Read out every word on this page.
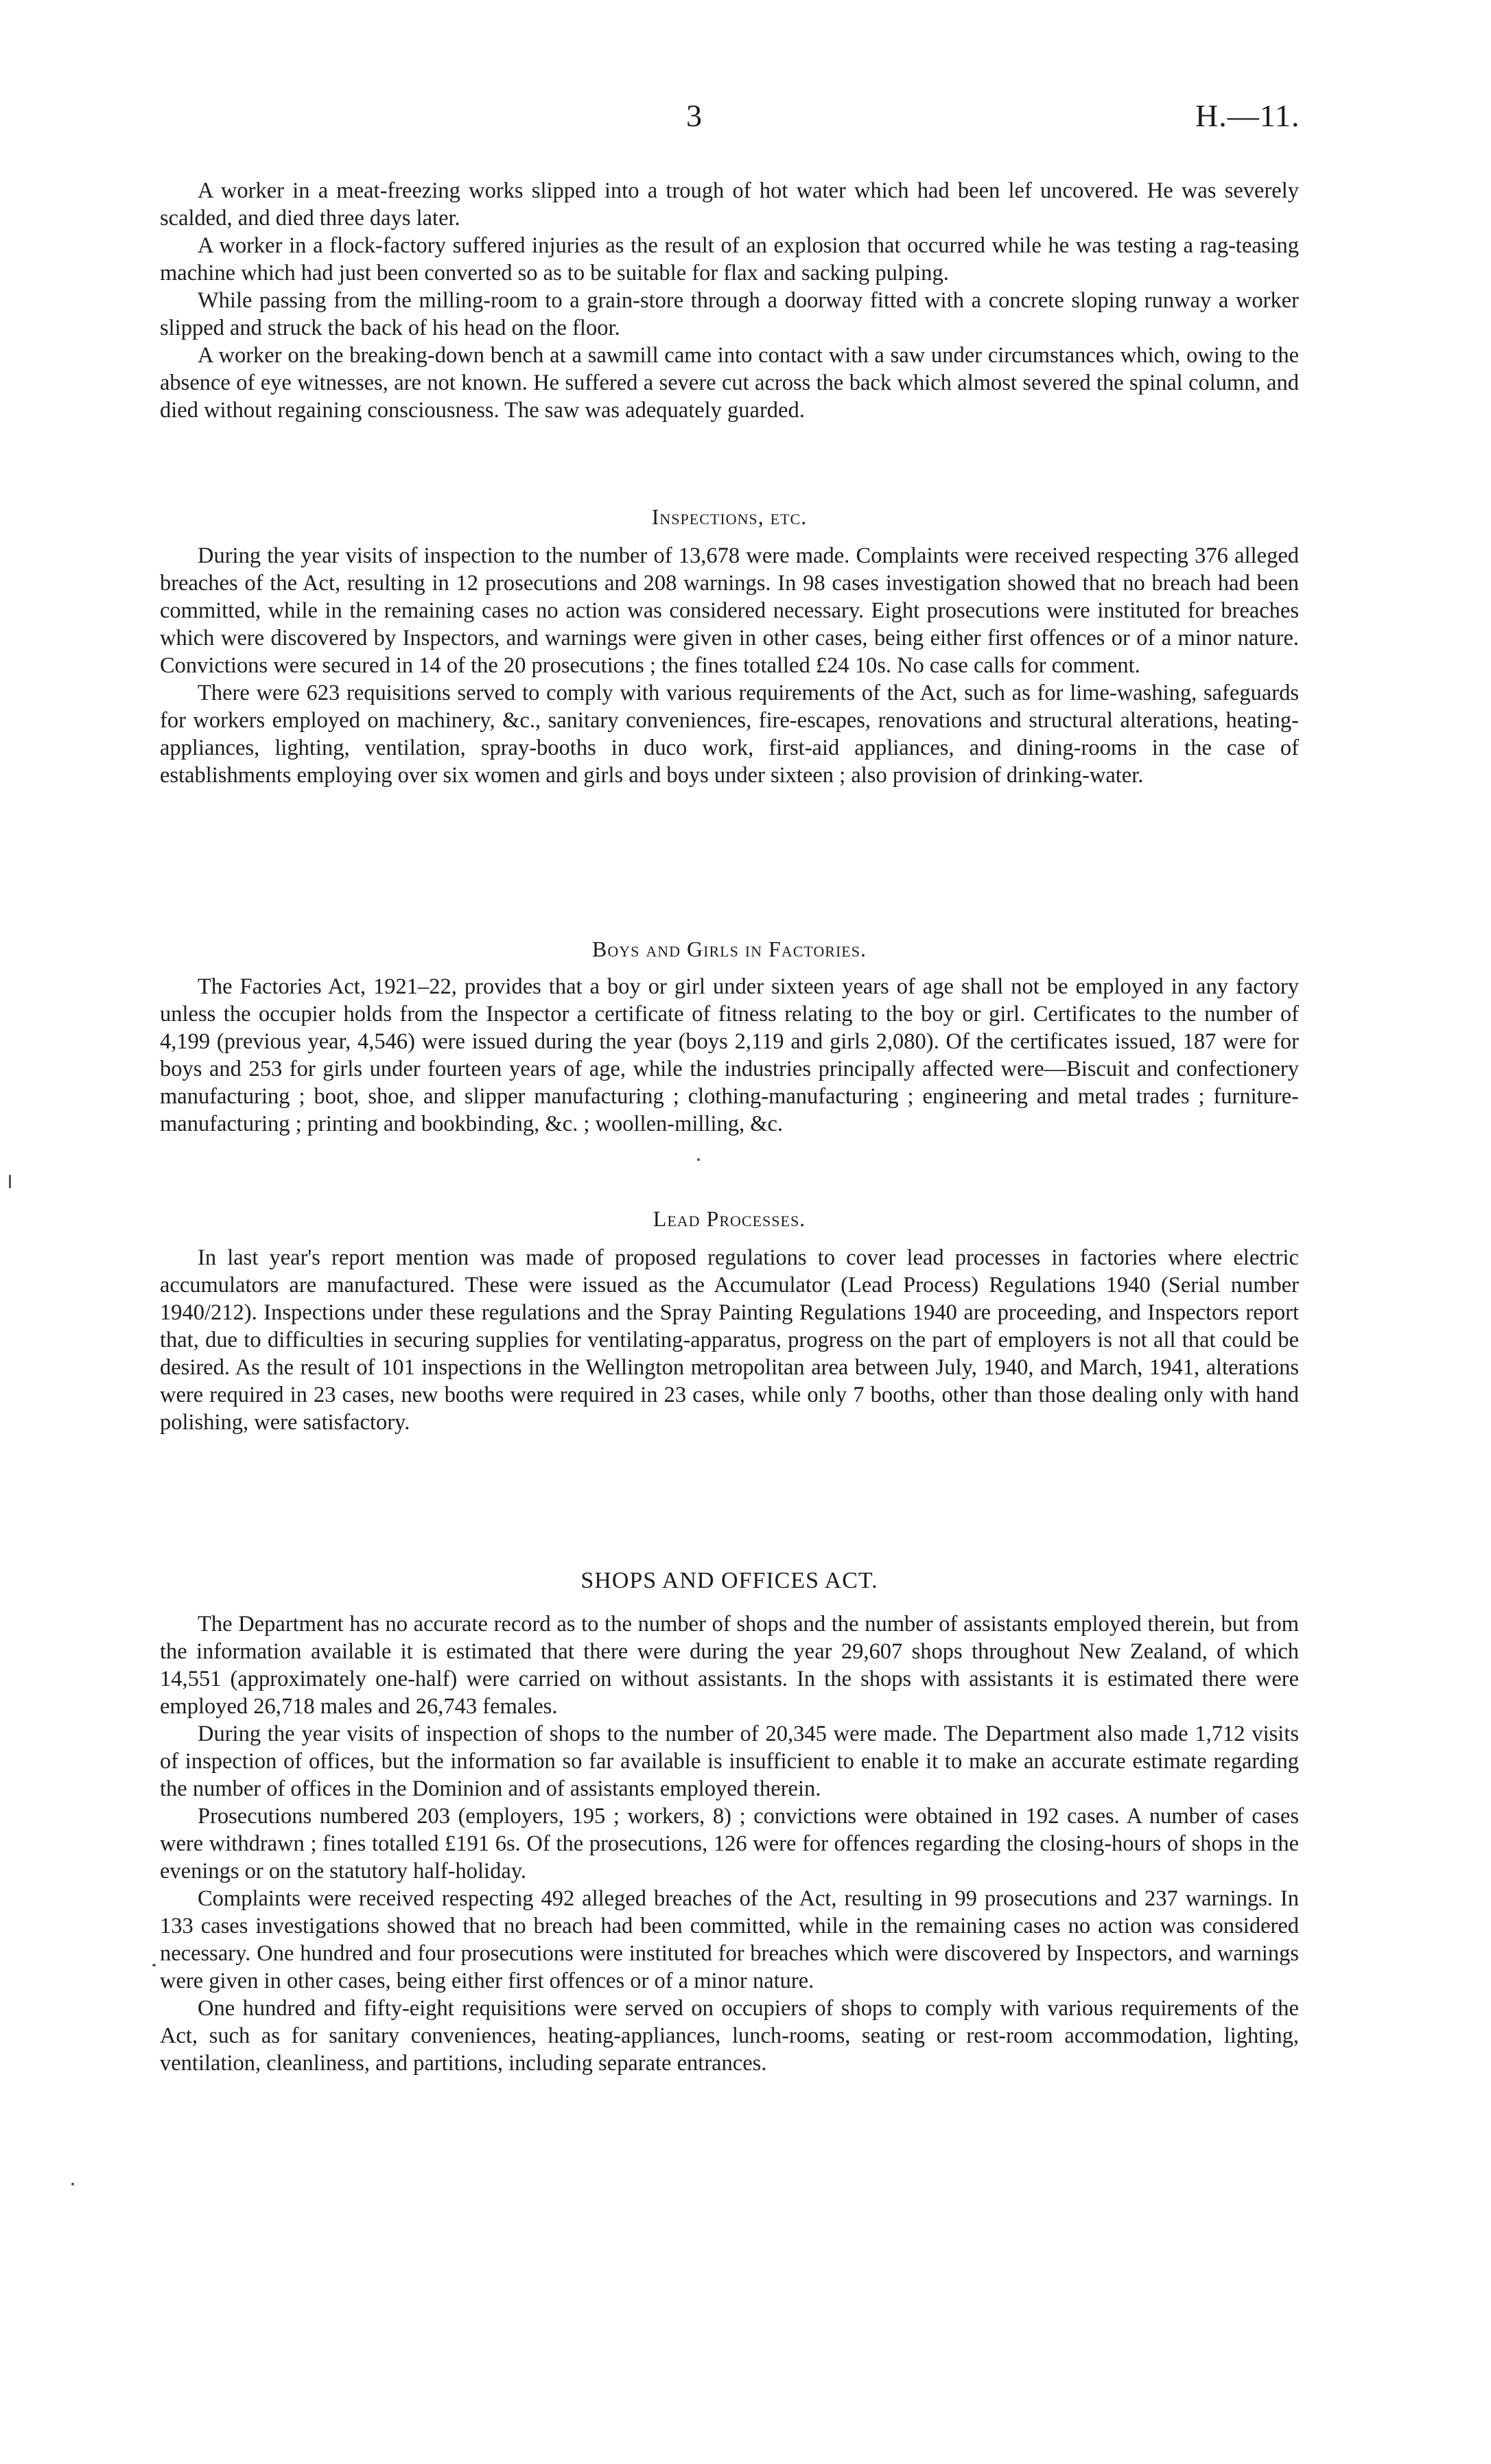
3	H.—11.

A worker in a meat-freezing works slipped into a trough of hot water which had been lef uncovered. He was severely scalded, and died three days later.

A worker in a flock-factory suffered injuries as the result of an explosion that occurred while he was testing a rag-teasing machine which had just been converted so as to be suitable for flax and sacking pulping.

While passing from the milling-room to a grain-store through a doorway fitted with a concrete sloping runway a worker slipped and struck the back of his head on the floor.

A worker on the breaking-down bench at a sawmill came into contact with a saw under circumstances which, owing to the absence of eye witnesses, are not known. He suffered a severe cut across the back which almost severed the spinal column, and died without regaining consciousness. The saw was adequately guarded.

Inspections, etc.

During the year visits of inspection to the number of 13,678 were made. Complaints were received respecting 376 alleged breaches of the Act, resulting in 12 prosecutions and 208 warnings. In 98 cases investigation showed that no breach had been committed, while in the remaining cases no action was considered necessary. Eight prosecutions were instituted for breaches which were discovered by Inspectors, and warnings were given in other cases, being either first offences or of a minor nature. Convictions were secured in 14 of the 20 prosecutions ; the fines totalled £24 10s. No case calls for comment.

There were 623 requisitions served to comply with various requirements of the Act, such as for lime-washing, safeguards for workers employed on machinery, &c., sanitary conveniences, fire-escapes, renovations and structural alterations, heating-appliances, lighting, ventilation, spray-booths in duco work, first-aid appliances, and dining-rooms in the case of establishments employing over six women and girls and boys under sixteen ; also provision of drinking-water.

Boys and Girls in Factories.

The Factories Act, 1921–22, provides that a boy or girl under sixteen years of age shall not be employed in any factory unless the occupier holds from the Inspector a certificate of fitness relating to the boy or girl. Certificates to the number of 4,199 (previous year, 4,546) were issued during the year (boys 2,119 and girls 2,080). Of the certificates issued, 187 were for boys and 253 for girls under fourteen years of age, while the industries principally affected were—Biscuit and confectionery manufacturing ; boot, shoe, and slipper manufacturing ; clothing-manufacturing ; engineering and metal trades ; furniture-manufacturing ; printing and bookbinding, &c. ; woollen-milling, &c.

Lead Processes.

In last year's report mention was made of proposed regulations to cover lead processes in factories where electric accumulators are manufactured. These were issued as the Accumulator (Lead Process) Regulations 1940 (Serial number 1940/212). Inspections under these regulations and the Spray Painting Regulations 1940 are proceeding, and Inspectors report that, due to difficulties in securing supplies for ventilating-apparatus, progress on the part of employers is not all that could be desired. As the result of 101 inspections in the Wellington metropolitan area between July, 1940, and March, 1941, alterations were required in 23 cases, new booths were required in 23 cases, while only 7 booths, other than those dealing only with hand polishing, were satisfactory.

SHOPS AND OFFICES ACT.

The Department has no accurate record as to the number of shops and the number of assistants employed therein, but from the information available it is estimated that there were during the year 29,607 shops throughout New Zealand, of which 14,551 (approximately one-half) were carried on without assistants. In the shops with assistants it is estimated there were employed 26,718 males and 26,743 females.

During the year visits of inspection of shops to the number of 20,345 were made. The Department also made 1,712 visits of inspection of offices, but the information so far available is insufficient to enable it to make an accurate estimate regarding the number of offices in the Dominion and of assistants employed therein.

Prosecutions numbered 203 (employers, 195 ; workers, 8) ; convictions were obtained in 192 cases. A number of cases were withdrawn ; fines totalled £191 6s. Of the prosecutions, 126 were for offences regarding the closing-hours of shops in the evenings or on the statutory half-holiday.

Complaints were received respecting 492 alleged breaches of the Act, resulting in 99 prosecutions and 237 warnings. In 133 cases investigations showed that no breach had been committed, while in the remaining cases no action was considered necessary. One hundred and four prosecutions were instituted for breaches which were discovered by Inspectors, and warnings were given in other cases, being either first offences or of a minor nature.

One hundred and fifty-eight requisitions were served on occupiers of shops to comply with various requirements of the Act, such as for sanitary conveniences, heating-appliances, lunch-rooms, seating or rest-room accommodation, lighting, ventilation, cleanliness, and partitions, including separate entrances.
